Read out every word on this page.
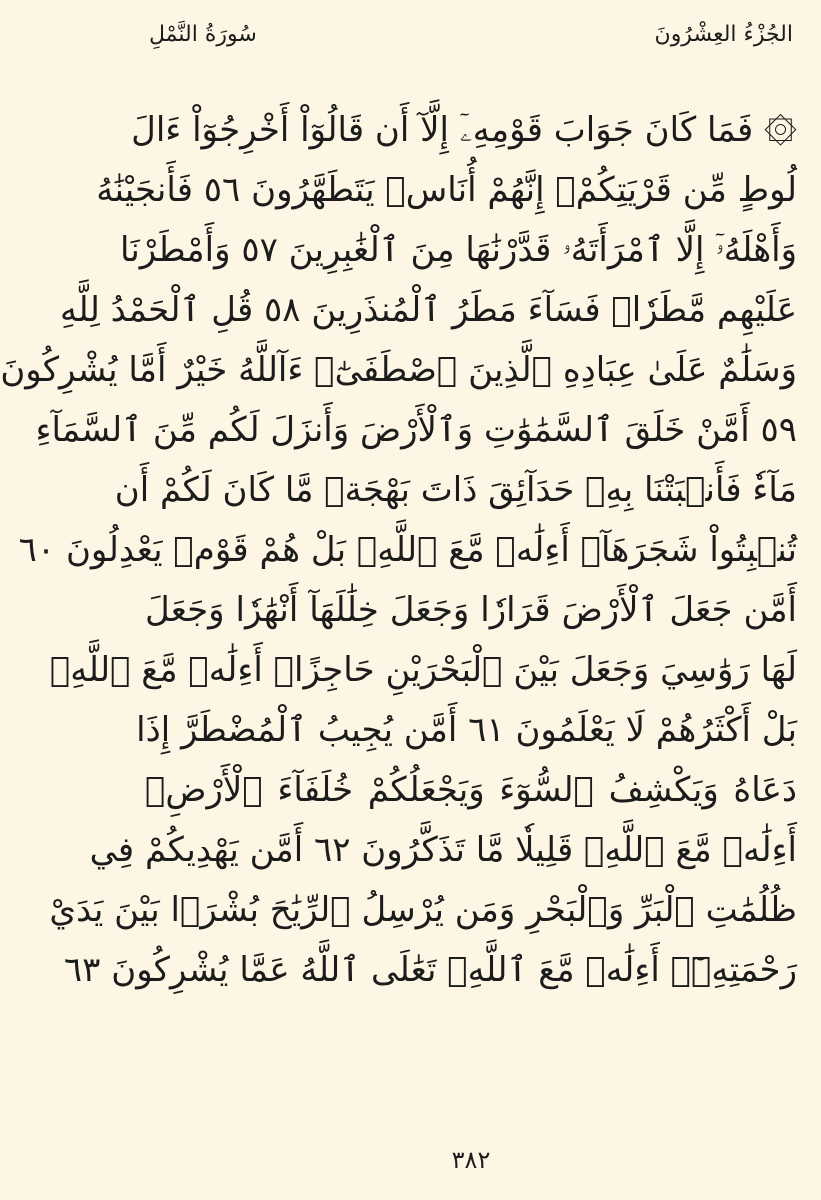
سُورَةُ النَّمْلِ	الجُزْءُ العِشْرُونَ
۞ فَمَا كَانَ جَوَابَ قَوْمِهِۦٓ إِلَّآ أَن قَالُوٓاْ أَخْرِجُوٓاْ ءَالَ
لُوطٍ مِّن قَرْيَتِكُمْۖ إِنَّهُمْ أُنَاسٞ يَتَطَهَّرُونَ ٥٦ فَأَنجَيْنَٰهُ
وَأَهْلَهُۥٓ إِلَّا ٱمْرَأَتَهُۥ قَدَّرْنَٰهَا مِنَ ٱلْغَٰبِرِينَ ٥٧ وَأَمْطَرْنَا
عَلَيْهِم مَّطَرٗاۖ فَسَآءَ مَطَرُ ٱلْمُنذَرِينَ ٥٨ قُلِ ٱلْحَمْدُ لِلَّهِ
وَسَلَٰمٌ عَلَىٰ عِبَادِهِ ٱلَّذِينَ ٱصْطَفَىٰٓۗ ءَآللَّهُ خَيْرٌ أَمَّا يُشْرِكُونَ
٥٩ أَمَّنْ خَلَقَ ٱلسَّمَٰوَٰتِ وَٱلْأَرْضَ وَأَنزَلَ لَكُم مِّنَ ٱلسَّمَآءِ
مَآءٗ فَأَنۢبَتْنَا بِهِۦ حَدَآئِقَ ذَاتَ بَهْجَةٖ مَّا كَانَ لَكُمْ أَن
تُنۢبِتُواْ شَجَرَهَآۗ أَءِلَٰهٞ مَّعَ ٱللَّهِۚ بَلْ هُمْ قَوْمٞ يَعْدِلُونَ ٦٠
أَمَّن جَعَلَ ٱلْأَرْضَ قَرَارٗا وَجَعَلَ خِلَٰلَهَآ أَنْهَٰرٗا وَجَعَلَ
لَهَا رَوَٰسِيَ وَجَعَلَ بَيْنَ ٱلْبَحْرَيْنِ حَاجِزًاۗ أَءِلَٰهٞ مَّعَ ٱللَّهِۚ
بَلْ أَكْثَرُهُمْ لَا يَعْلَمُونَ ٦١ أَمَّن يُجِيبُ ٱلْمُضْطَرَّ إِذَا
دَعَاهُ وَيَكْشِفُ ٱلسُّوٓءَ وَيَجْعَلُكُمْ خُلَفَآءَ ٱلْأَرْضِۗ
أَءِلَٰهٞ مَّعَ ٱللَّهِۚ قَلِيلٗا مَّا تَذَكَّرُونَ ٦٢ أَمَّن يَهْدِيكُمْ فِي
ظُلُمَٰتِ ٱلْبَرِّ وَٱلْبَحْرِ وَمَن يُرْسِلُ ٱلرِّيَٰحَ بُشْرَۢا بَيْنَ يَدَيْ
رَحْمَتِهِۦٓۗ أَءِلَٰهٞ مَّعَ ٱللَّهِۚ تَعَٰلَى ٱللَّهُ عَمَّا يُشْرِكُونَ ٦٣
٣٨٢
